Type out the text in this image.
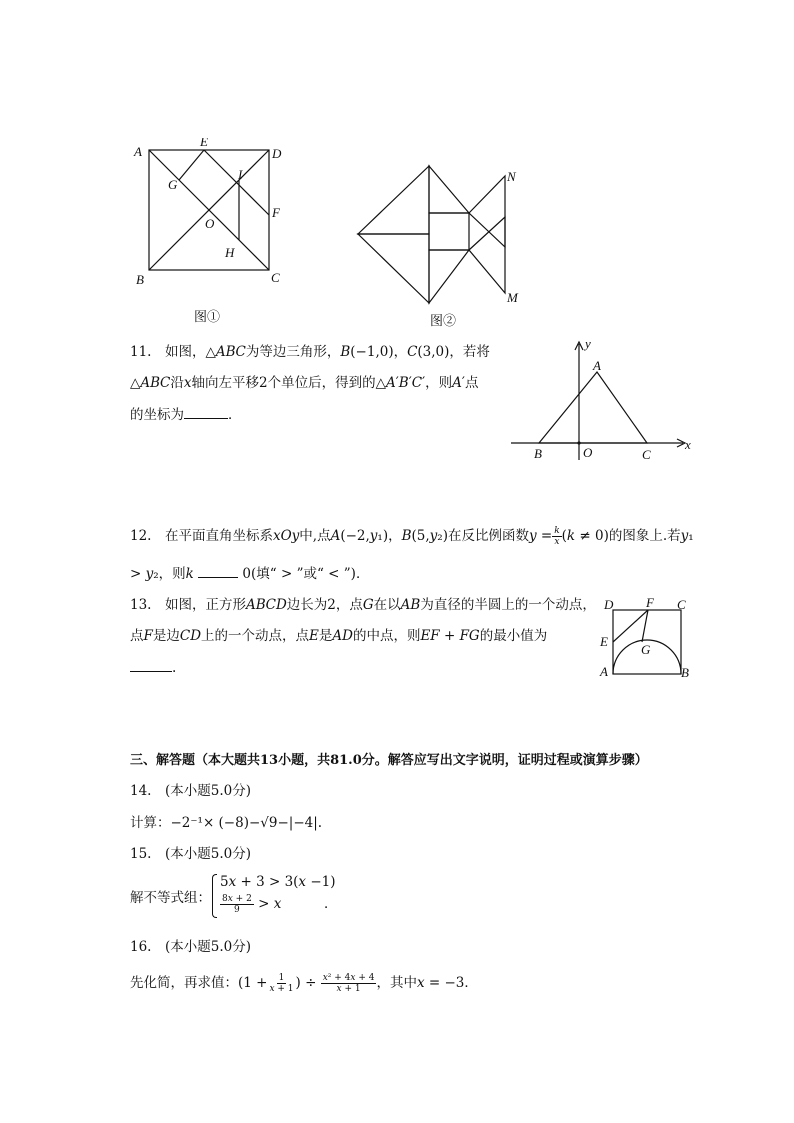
A
E
D
G
I
O
F
H
B	C
图①
N
M
图②
11.　如图，△𝐴𝐵𝐶为等边三角形，𝐵(−1,0)，𝐶(3,0)，若将
△𝐴𝐵𝐶沿𝑥轴向左平移2个单位后，得到的△𝐴′𝐵′𝐶′，则𝐴′点
的坐标为	．
y
A
x
B	O	C
12.　在平面直角坐标系𝑥𝑂𝑦中,点𝐴(−2,𝑦₁)，𝐵(5,𝑦₂)在反比例函数𝑦 = $\frac{\text{𝑘}}{\text{𝑥}}$ (𝑘 ≠ 0)的图象上.若𝑦₁
> 𝑦₂，则𝑘	0(填“ > ”或“ < ”)．
13.　如图，正方形𝐴𝐵𝐶𝐷边长为2，点𝐺在以𝐴𝐵为直径的半圆上的一个动点，
点𝐹是边𝐶𝐷上的一个动点，点𝐸是𝐴𝐷的中点，则𝐸𝐹 + 𝐹𝐺的最小值为
.
D	F C
E
G
A	B
三、解答题（本大题共13小题，共81.0分。解答应写出文字说明，证明过程或演算步骤）
14.　(本小题5.0分)
计算：−2⁻¹× (−8)−√9−|−4|.
15.　(本小题5.0分)
解不等式组：
5𝑥 + 3 > 3(𝑥 −1)
$\frac{\text{8𝑥 + 2}}{9}$ > 𝑥	．
16.　(本小题5.0分)
先化简，再求值：($1 + \frac{1}{\text{𝑥 + 1}}$ ) ÷ $\frac{\text{𝑥² + 4𝑥 + 4}}{\text{𝑥 + 1}}$ ，其中𝑥 = −3．
